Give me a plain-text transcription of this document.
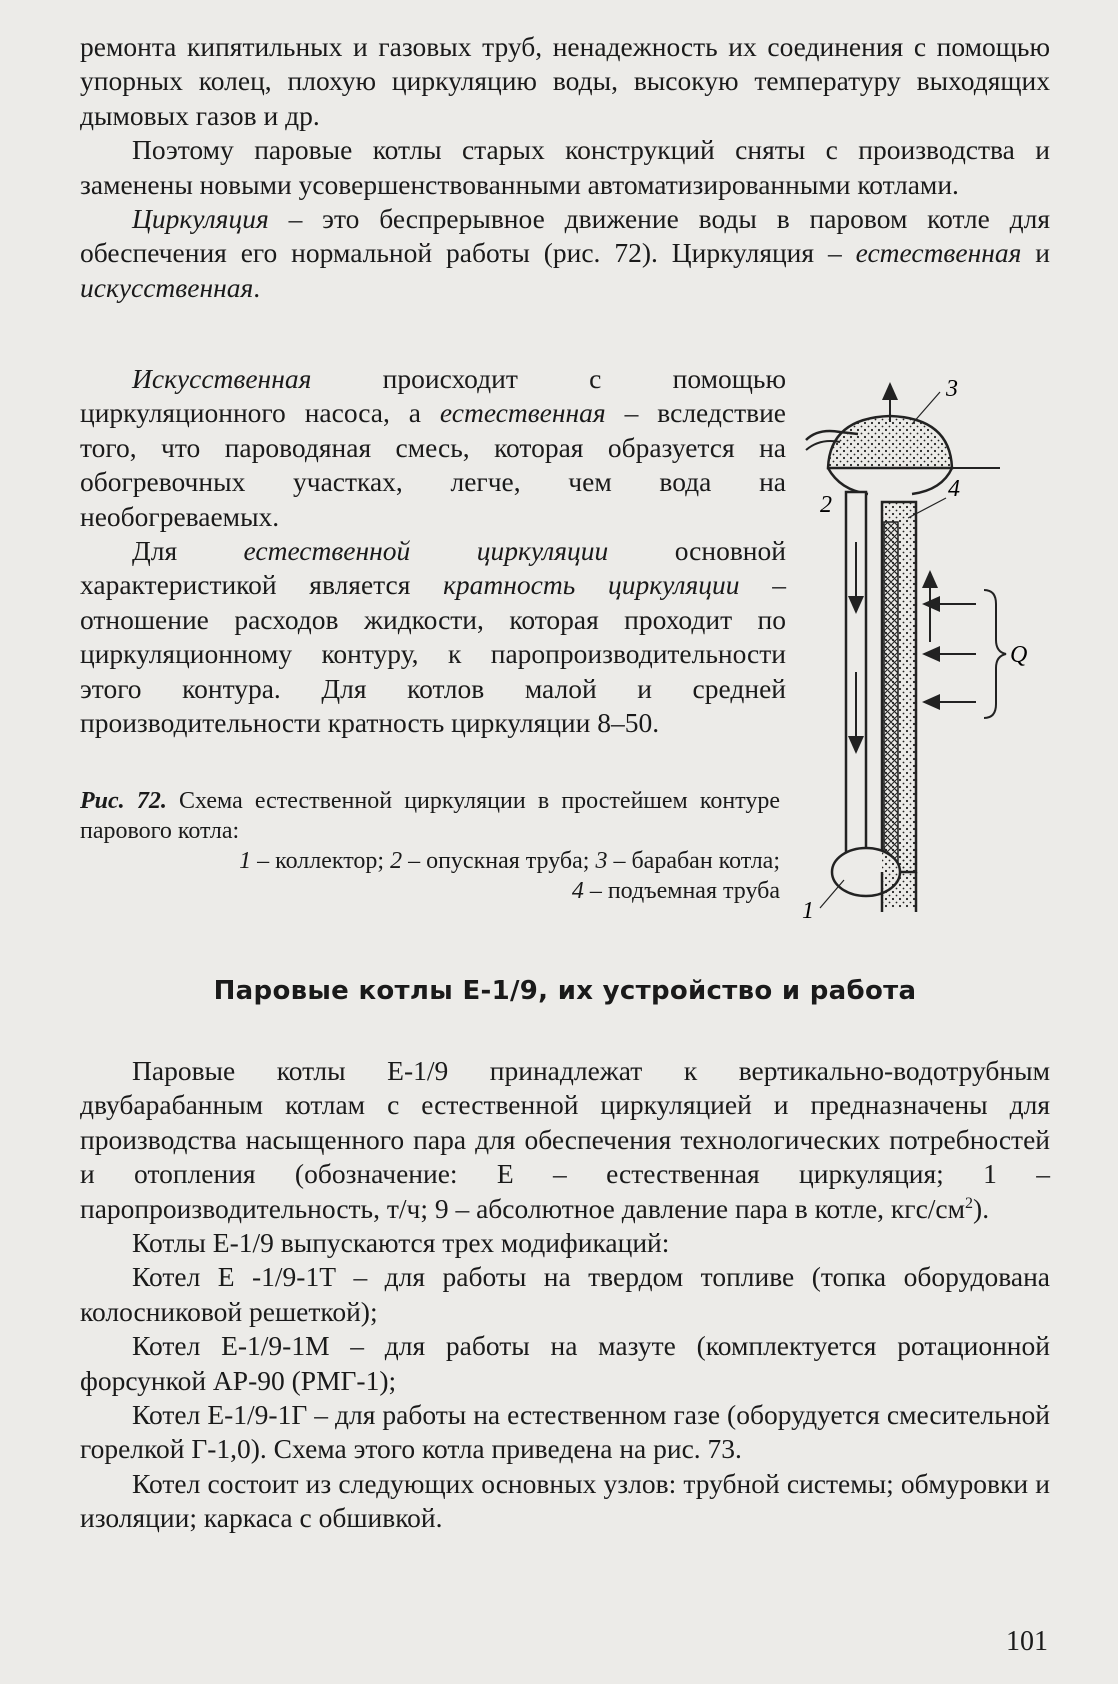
ремонта кипятильных и газовых труб, ненадежность их соединения с помощью упорных колец, плохую циркуляцию воды, высокую температуру выходящих дымовых газов и др.

Поэтому паровые котлы старых конструкций сняты с производства и заменены новыми усовершенствованными автоматизированными котлами.

Циркуляция – это беспрерывное движение воды в паровом котле для обеспечения его нормальной работы (рис. 72). Циркуляция – естественная и искусственная.

Искусственная происходит с помощью циркуляционного насоса, а естественная – вследствие того, что пароводяная смесь, которая образуется на обогревочных участках, легче, чем вода на необогреваемых.

Для естественной циркуляции основной характеристикой является кратность циркуляции – отношение расходов жидкости, которая проходит по циркуляционному контуру, к паропроизводительности этого контура. Для котлов малой и средней производительности кратность циркуляции 8–50.

3
2
4
1
Q
Рис. 72. Схема естественной циркуляции в простейшем контуре парового котла:
1 – коллектор; 2 – опускная труба; 3 – барабан котла;
4 – подъемная труба
Паровые котлы Е-1/9, их устройство и работа

Паровые котлы Е-1/9 принадлежат к вертикально-водотрубным двубарабанным котлам с естественной циркуляцией и предназначены для производства насыщенного пара для обеспечения технологических потребностей и отопления (обозначение: Е – естественная циркуляция; 1 – паропроизводительность, т/ч; 9 – абсолютное давление пара в котле, кгс/$см^2$).

Котлы Е-1/9 выпускаются трех модификаций:

Котел Е -1/9-1Т – для работы на твердом топливе (топка оборудована колосниковой решеткой);

Котел Е-1/9-1М – для работы на мазуте (комплектуется ротационной форсункой АР-90 (РМГ-1);

Котел Е-1/9-1Г – для работы на естественном газе (оборудуется смесительной горелкой Г-1,0). Схема этого котла приведена на рис. 73.

Котел состоит из следующих основных узлов: трубной системы; обмуровки и изоляции; каркаса с обшивкой.

101
